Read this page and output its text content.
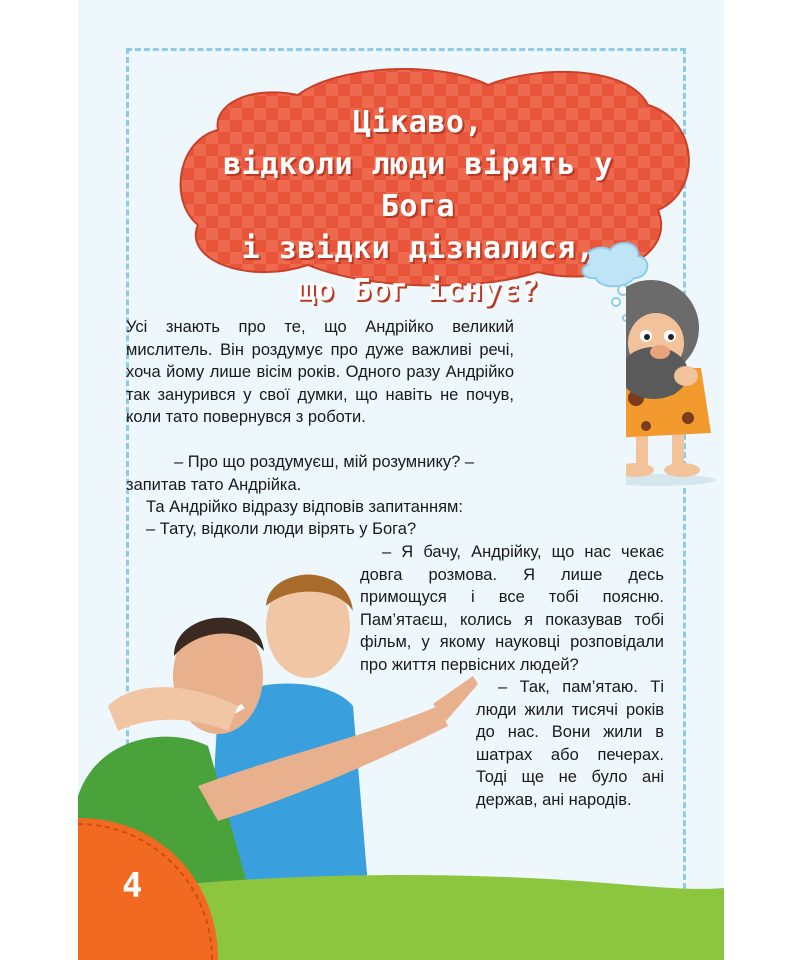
Цікаво,
відколи люди вірять у Бога
і звідки дізналися,
що Бог існує?

Усі знають про те, що Андрійко великий мислитель. Він роздумує про дуже важливі речі, хоча йому лише вісім років. Одного разу Андрійко так занурився у свої думки, що навіть не почув, коли тато повернувся з роботи.

– Про що роздумуєш, мій розумнику? – запитав тато Андрійка.

Та Андрійко відразу відповів запитанням:

– Тату, відколи люди вірять у Бога?

– Я бачу, Андрійку, що нас чекає довга розмова. Я лише десь примощуся і все тобі поясню. Пам’ятаєш, колись я показував тобі фільм, у якому науковці розповідали про життя первісних людей?

– Так, пам’ятаю. Ті люди жили тисячі років до нас. Вони жили в шатрах або печерах. Тоді ще не було ані держав, ані народів.

4
